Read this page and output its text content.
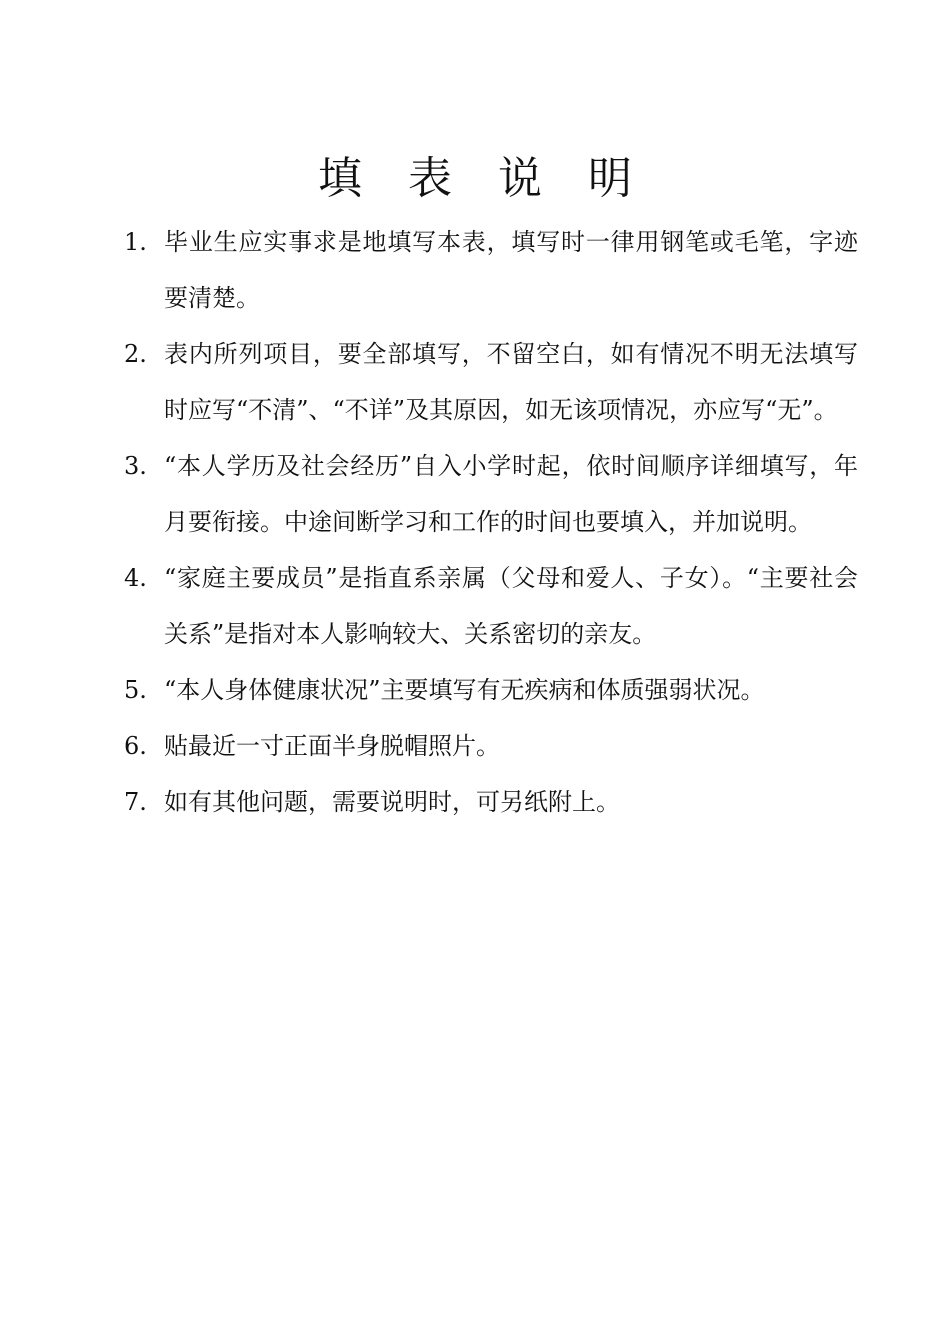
填表说明
1. 毕业生应实事求是地填写本表，填写时一律用钢笔或毛笔，字迹要清楚。
2. 表内所列项目，要全部填写，不留空白，如有情况不明无法填写时应写“不清”、“不详”及其原因，如无该项情况，亦应写“无”。
3. “本人学历及社会经历”自入小学时起，依时间顺序详细填写，年月要衔接。中途间断学习和工作的时间也要填入，并加说明。
4. “家庭主要成员”是指直系亲属（父母和爱人、子女）。“主要社会关系”是指对本人影响较大、关系密切的亲友。
5. “本人身体健康状况”主要填写有无疾病和体质强弱状况。
6. 贴最近一寸正面半身脱帽照片。
7. 如有其他问题，需要说明时，可另纸附上。
